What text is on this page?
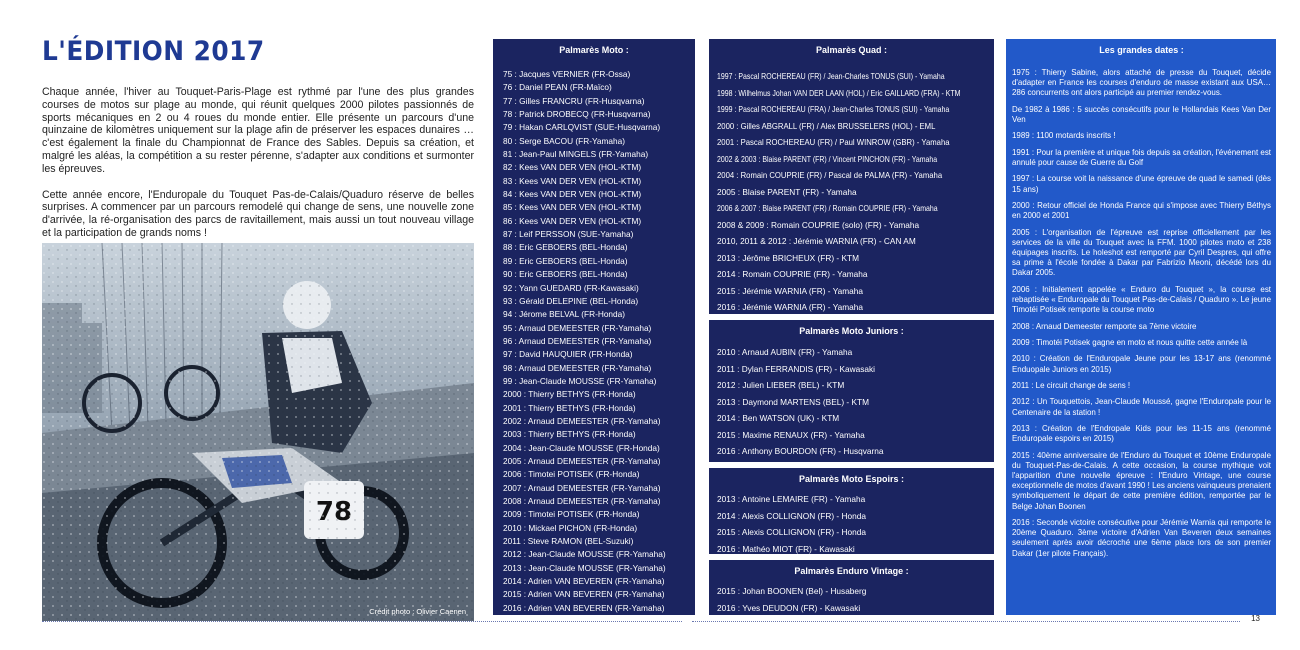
L'ÉDITION 2017

Chaque année, l'hiver au Touquet-Paris-Plage est rythmé par l'une des plus grandes courses de motos sur plage au monde, qui réunit quelques 2000 pilotes passionnés de sports mécaniques en 2 ou 4 roues du monde entier. Elle présente un parcours d'une quinzaine de kilomètres uniquement sur la plage afin de préserver les espaces dunaires … c'est également la finale du Championnat de France des Sables. Depuis sa création, et malgré les aléas, la compétition a su rester pérenne, s'adapter aux conditions et surmonter les épreuves.

Cette année encore, l'Enduropale du Touquet Pas-de-Calais/Quaduro réserve de belles surprises. A commencer par un parcours remodelé qui change de sens, une nouvelle zone d'arrivée, la ré-organisation des parcs de ravitaillement, mais aussi un tout nouveau village et la participation de grands noms !

Crédit photo : Olivier Caenen
Palmarès Moto :
75 : Jacques VERNIER (FR-Ossa)
76 : Daniel PEAN (FR-Maïco)
77 : Gilles FRANCRU (FR-Husqvarna)
78 : Patrick DROBECQ (FR-Husqvarna)
79 : Hakan CARLQVIST (SUE-Husqvarna)
80 : Serge BACOU (FR-Yamaha)
81 : Jean-Paul MINGELS (FR-Yamaha)
82 : Kees VAN DER VEN (HOL-KTM)
83 : Kees VAN DER VEN (HOL-KTM)
84 : Kees VAN DER VEN (HOL-KTM)
85 : Kees VAN DER VEN (HOL-KTM)
86 : Kees VAN DER VEN (HOL-KTM)
87 : Leif PERSSON (SUE-Yamaha)
88 : Eric GEBOERS (BEL-Honda)
89 : Eric GEBOERS (BEL-Honda)
90 : Eric GEBOERS (BEL-Honda)
92 : Yann GUEDARD (FR-Kawasaki)
93 : Gérald DELEPINE (BEL-Honda)
94 : Jérome BELVAL (FR-Honda)
95 : Arnaud DEMEESTER (FR-Yamaha)
96 : Arnaud DEMEESTER (FR-Yamaha)
97 : David HAUQUIER (FR-Honda)
98 : Arnaud DEMEESTER (FR-Yamaha)
99 : Jean-Claude MOUSSE (FR-Yamaha)
2000 : Thierry BETHYS (FR-Honda)
2001 : Thierry BETHYS (FR-Honda)
2002 : Arnaud DEMEESTER (FR-Yamaha)
2003 : Thierry BETHYS (FR-Honda)
2004 : Jean-Claude MOUSSE (FR-Honda)
2005 : Arnaud DEMEESTER (FR-Yamaha)
2006 : Timotei POTISEK (FR-Honda)
2007 : Arnaud DEMEESTER (FR-Yamaha)
2008 : Arnaud DEMEESTER (FR-Yamaha)
2009 : Timotei POTISEK (FR-Honda)
2010 : Mickael PICHON (FR-Honda)
2011 : Steve RAMON (BEL-Suzuki)
2012 : Jean-Claude MOUSSE (FR-Yamaha)
2013 : Jean-Claude MOUSSE (FR-Yamaha)
2014 : Adrien VAN BEVEREN (FR-Yamaha)
2015 : Adrien VAN BEVEREN (FR-Yamaha)
2016 : Adrien VAN BEVEREN (FR-Yamaha)
Palmarès Quad :
1997 : Pascal ROCHEREAU (FR) / Jean-Charles TONUS (SUI) - Yamaha
1998 : Wilhelmus Johan VAN DER LAAN (HOL) / Eric GAILLARD (FRA) - KTM
1999 : Pascal ROCHEREAU (FRA) / Jean-Charles TONUS (SUI) - Yamaha
2000 : Gilles ABGRALL (FR) / Alex BRUSSELERS (HOL) - EML
2001 : Pascal ROCHEREAU (FR) / Paul WINROW (GBR) - Yamaha
2002 & 2003 : Blaise PARENT (FR) / Vincent PINCHON (FR) - Yamaha
2004 : Romain COUPRIE (FR) / Pascal de PALMA (FR) - Yamaha
2005 : Blaise PARENT (FR) - Yamaha
2006 & 2007 : Blaise PARENT (FR) / Romain COUPRIE (FR) - Yamaha
2008 & 2009 : Romain COUPRIE (solo) (FR) - Yamaha
2010, 2011 & 2012 : Jérémie WARNIA (FR) - CAN AM
2013 : Jérôme BRICHEUX (FR) - KTM
2014 : Romain COUPRIE (FR) - Yamaha
2015 : Jérémie WARNIA (FR) - Yamaha
2016 : Jérémie WARNIA (FR) - Yamaha
Palmarès Moto Juniors :
2010 : Arnaud AUBIN (FR) - Yamaha
2011 : Dylan FERRANDIS (FR) - Kawasaki
2012 : Julien LIEBER (BEL) - KTM
2013 : Daymond MARTENS (BEL) - KTM
2014 : Ben WATSON (UK) - KTM
2015 : Maxime RENAUX (FR) - Yamaha
2016 : Anthony BOURDON (FR) - Husqvarna
Palmarès Moto Espoirs :
2013 : Antoine LEMAIRE (FR) - Yamaha
2014 : Alexis COLLIGNON (FR) - Honda
2015 : Alexis COLLIGNON (FR) - Honda
2016 : Mathéo MIOT (FR) - Kawasaki
Palmarès Enduro Vintage :
2015 : Johan BOONEN (Bel) - Husaberg
2016 : Yves DEUDON (FR) - Kawasaki
Les grandes dates :
1975 : Thierry Sabine, alors attaché de presse du Touquet, décide d'adapter en France les courses d'enduro de masse existant aux USA… 286 concurrents ont alors participé au premier rendez-vous.
De 1982 à 1986 : 5 succès consécutifs pour le Hollandais Kees Van Der Ven
1989 : 1100 motards inscrits !
1991 : Pour la première et unique fois depuis sa création, l'événement est annulé pour cause de Guerre du Golf
1997 : La course voit la naissance d'une épreuve de quad le samedi (dès 15 ans)
2000 : Retour officiel de Honda France qui s'impose avec Thierry Béthys en 2000 et 2001
2005 : L'organisation de l'épreuve est reprise officiellement par les services de la ville du Touquet avec la FFM. 1000 pilotes moto et 238 équipages inscrits. Le holeshot est remporté par Cyril Despres, qui offre sa prime à l'école fondée à Dakar par Fabrizio Meoni, décédé lors du Dakar 2005.
2006 : Initialement appelée « Enduro du Touquet », la course est rebaptisée « Enduropale du Touquet Pas-de-Calais / Quaduro ». Le jeune Timotéi Potisek remporte la course moto
2008 : Arnaud Demeester remporte sa 7ème victoire
2009 : Timotéi Potisek gagne en moto et nous quitte cette année là
2010 : Création de l'Enduropale Jeune pour les 13-17 ans (renommé Enduopale Juniors en 2015)
2011 : Le circuit change de sens !
2012 : Un Touquettois, Jean-Claude Moussé, gagne l'Enduropale pour le Centenaire de la station !
2013 : Création de l'Endropale Kids pour les 11-15 ans (renommé Enduropale espoirs en 2015)
2015 : 40ème anniversaire de l'Enduro du Touquet et 10ème Enduropale du Touquet-Pas-de-Calais. A cette occasion, la course mythique voit l'apparition d'une nouvelle épreuve : l'Enduro Vintage, une course exceptionnelle de motos d'avant 1990 ! Les anciens vainqueurs prenaient symboliquement le départ de cette première édition, remportée par le Belge Johan Boonen
2016 : Seconde victoire consécutive pour Jérémie Warnia qui remporte le 20ème Quaduro. 3ème victoire d'Adrien Van Beveren deux semaines seulement après avoir décroché une 6ème place lors de son premier Dakar (1er pilote Français).
13
